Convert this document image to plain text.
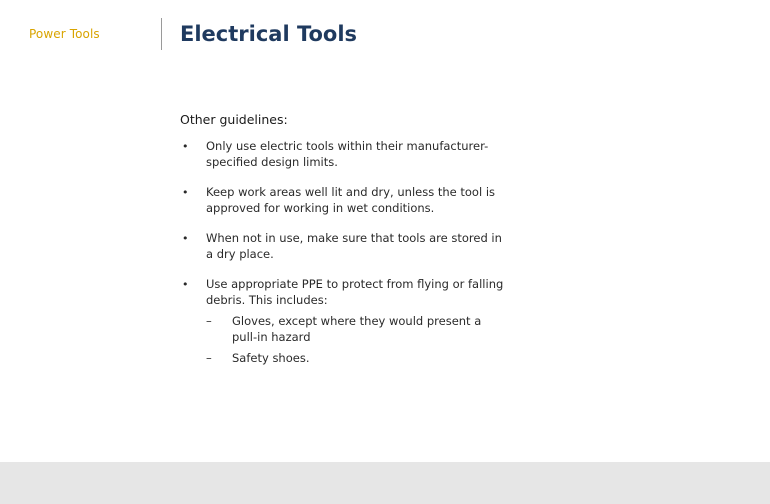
Power Tools	Electrical Tools
Other guidelines:
• Only use electric tools within their manufacturer-specified design limits.
• Keep work areas well lit and dry, unless the tool is approved for working in wet conditions.
• When not in use, make sure that tools are stored in a dry place.
• Use appropriate PPE to protect from flying or falling debris. This includes:
– Gloves, except where they would present a pull-in hazard
– Safety shoes.
